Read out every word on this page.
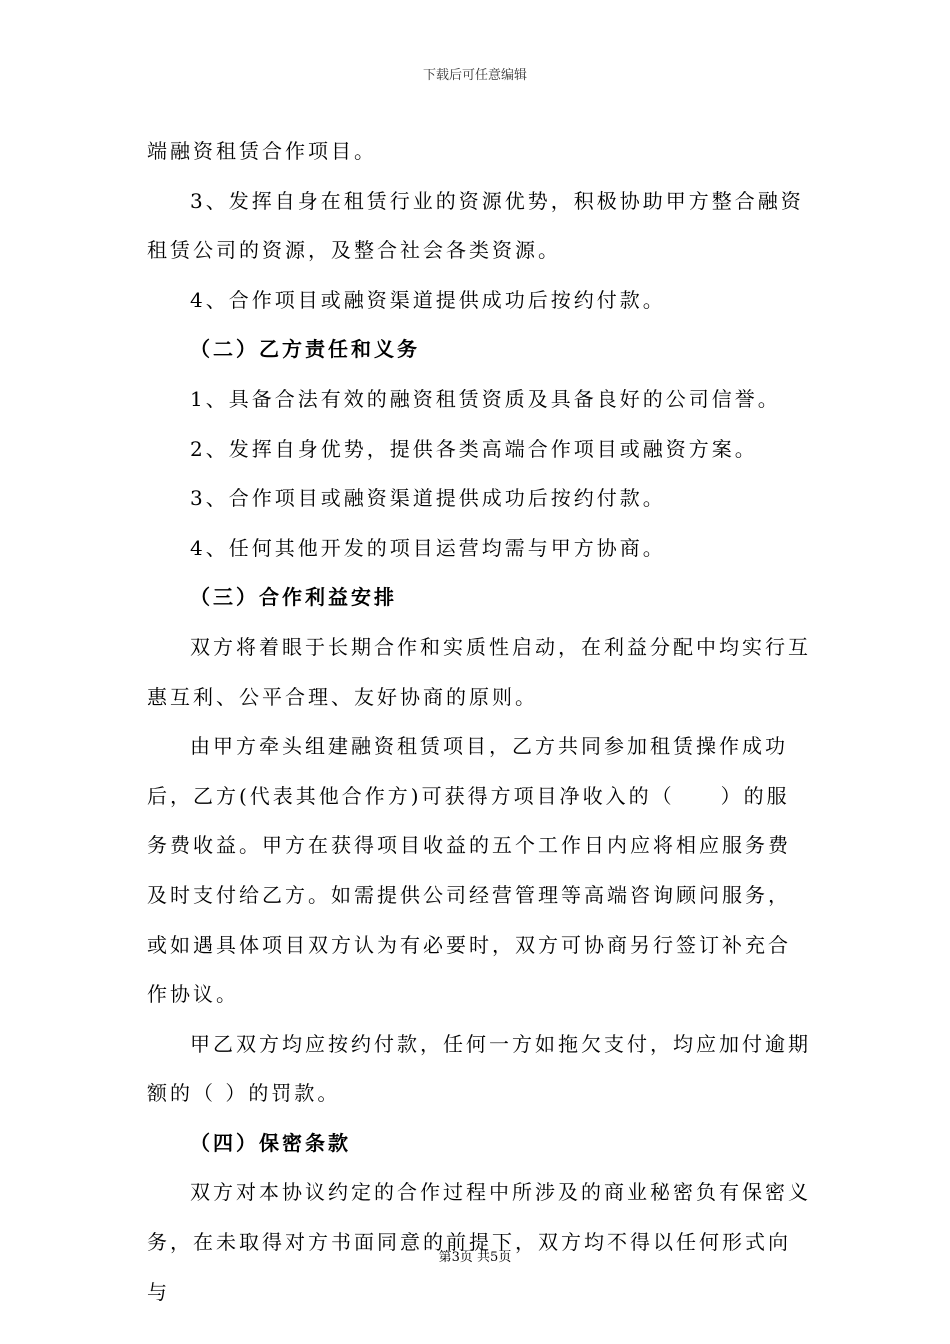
下载后可任意编辑

端融资租赁合作项目。

3、发挥自身在租赁行业的资源优势，积极协助甲方整合融资租赁公司的资源，及整合社会各类资源。

4、合作项目或融资渠道提供成功后按约付款。

（二）乙方责任和义务

1、具备合法有效的融资租赁资质及具备良好的公司信誉。

2、发挥自身优势，提供各类高端合作项目或融资方案。

3、合作项目或融资渠道提供成功后按约付款。

4、任何其他开发的项目运营均需与甲方协商。

（三）合作利益安排

双方将着眼于长期合作和实质性启动，在利益分配中均实行互惠互利、公平合理、友好协商的原则。

由甲方牵头组建融资租赁项目，乙方共同参加租赁操作成功后，乙方(代表其他合作方)可获得方项目净收入的（　　）的服务费收益。甲方在获得项目收益的五个工作日内应将相应服务费及时支付给乙方。如需提供公司经营管理等高端咨询顾问服务，或如遇具体项目双方认为有必要时，双方可协商另行签订补充合作协议。

甲乙双方均应按约付款，任何一方如拖欠支付，均应加付逾期额的（ ）的罚款。

（四）保密条款

双方对本协议约定的合作过程中所涉及的商业秘密负有保密义务，在未取得对方书面同意的前提下，双方均不得以任何形式向与

第3页 共5页
